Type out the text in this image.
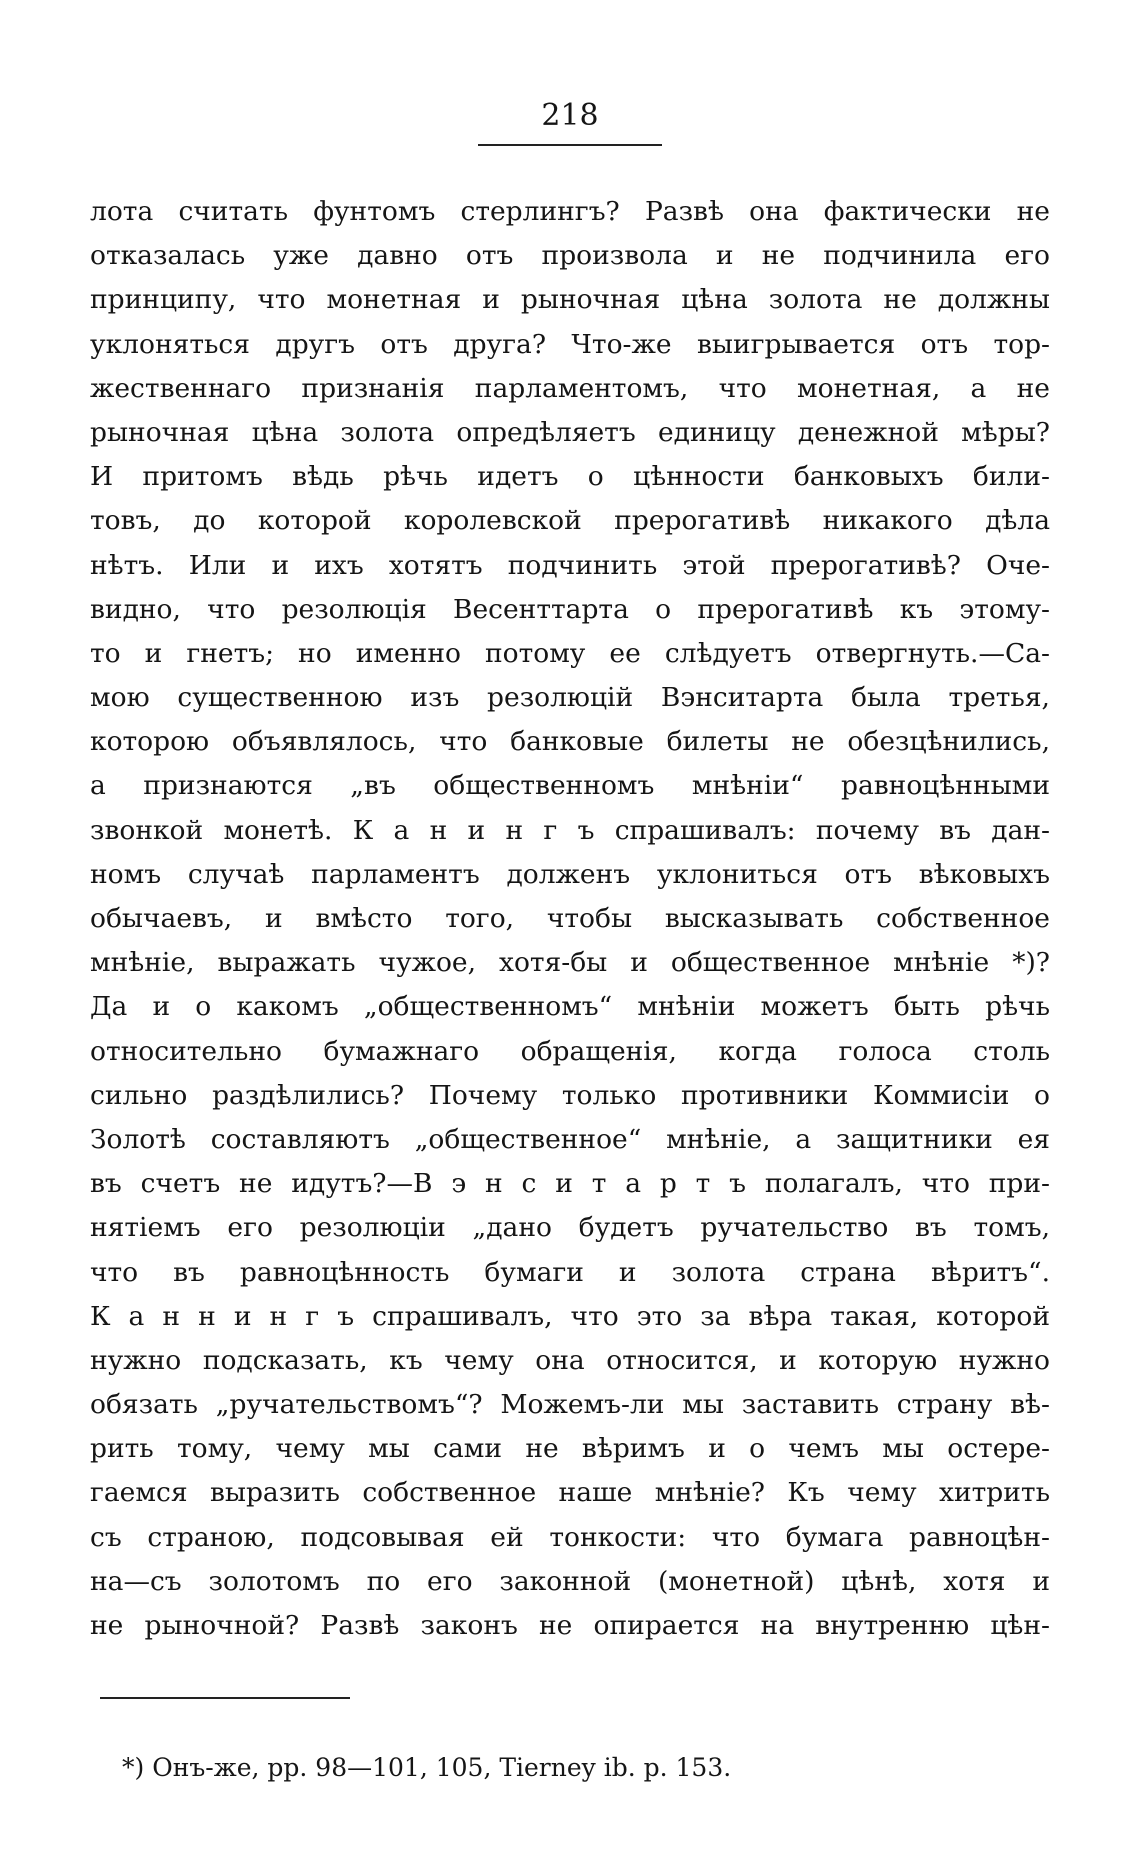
218
лота считать фунтомъ стерлингъ? Развѣ она фактически не
отказалась уже давно отъ произвола и не подчинила его
принципу, что монетная и рыночная цѣна золота не должны
уклоняться другъ отъ друга? Что-же выигрывается отъ тор-
жественнаго признанія парламентомъ, что монетная, а не
рыночная цѣна золота опредѣляетъ единицу денежной мѣры?
И притомъ вѣдь рѣчь идетъ о цѣнности банковыхъ били-
товъ, до которой королевской прерогативѣ никакого дѣла
нѣтъ. Или и ихъ хотятъ подчинить этой прерогативѣ? Оче-
видно, что резолюція Весенттарта о прерогативѣ къ этому-
то и гнетъ; но именно потому ее слѣдуетъ отвергнуть.—Са-
мою существенною изъ резолюцій Вэнситарта была третья,
которою объявлялось, что банковые билеты не обезцѣнились,
а признаются „въ общественномъ мнѣніи“ равноцѣнными
звонкой монетѣ. К а н и н г ъ спрашивалъ: почему въ дан-
номъ случаѣ парламентъ долженъ уклониться отъ вѣковыхъ
обычаевъ, и вмѣсто того, чтобы высказывать собственное
мнѣніе, выражать чужое, хотя-бы и общественное мнѣніе *)?
Да и о какомъ „общественномъ“ мнѣніи можетъ быть рѣчь
относительно бумажнаго обращенія, когда голоса столь
сильно раздѣлились? Почему только противники Коммисіи о
Золотѣ составляютъ „общественное“ мнѣніе, а защитники ея
въ счетъ не идутъ?—В э н с и т а р т ъ полагалъ, что при-
нятіемъ его резолюціи „дано будетъ ручательство въ томъ,
что въ равноцѣнность бумаги и золота страна вѣритъ“.
К а н н и н г ъ спрашивалъ, что это за вѣра такая, которой
нужно подсказать, къ чему она относится, и которую нужно
обязать „ручательствомъ“? Можемъ-ли мы заставить страну вѣ-
рить тому, чему мы сами не вѣримъ и о чемъ мы остере-
гаемся выразить собственное наше мнѣніе? Къ чему хитрить
съ страною, подсовывая ей тонкости: что бумага равноцѣн-
на—съ золотомъ по его законной (монетной) цѣнѣ, хотя и
не рыночной? Развѣ законъ не опирается на внутренню цѣн-
*) Онъ-же, pp. 98—101, 105, Tierney ib. p. 153.
